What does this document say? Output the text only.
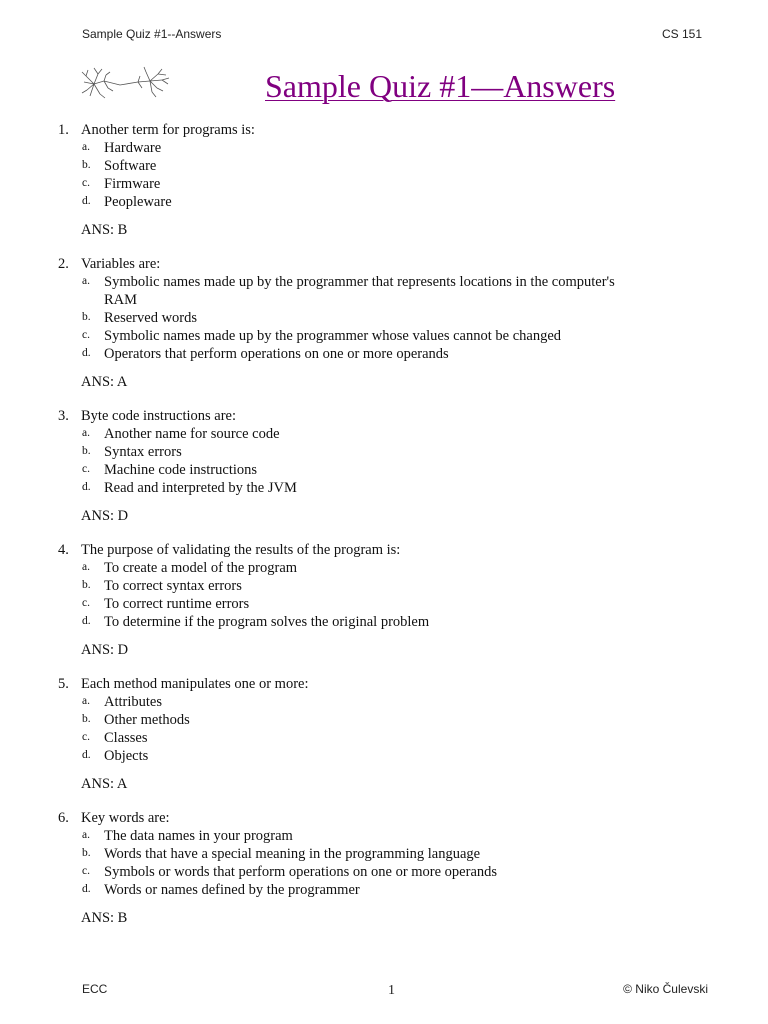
Sample Quiz #1--Answers	CS 151
Sample Quiz #1—Answers
1. Another term for programs is:
a. Hardware
b. Software
c. Firmware
d. Peopleware
ANS: B
2. Variables are:
a. Symbolic names made up by the programmer that represents locations in the computer's RAM
b. Reserved words
c. Symbolic names made up by the programmer whose values cannot be changed
d. Operators that perform operations on one or more operands
ANS: A
3. Byte code instructions are:
a. Another name for source code
b. Syntax errors
c. Machine code instructions
d. Read and interpreted by the JVM
ANS: D
4. The purpose of validating the results of the program is:
a. To create a model of the program
b. To correct syntax errors
c. To correct runtime errors
d. To determine if the program solves the original problem
ANS: D
5. Each method manipulates one or more:
a. Attributes
b. Other methods
c. Classes
d. Objects
ANS: A
6. Key words are:
a. The data names in your program
b. Words that have a special meaning in the programming language
c. Symbols or words that perform operations on one or more operands
d. Words or names defined by the programmer
ANS: B
ECC	1	© Niko Čulevski
